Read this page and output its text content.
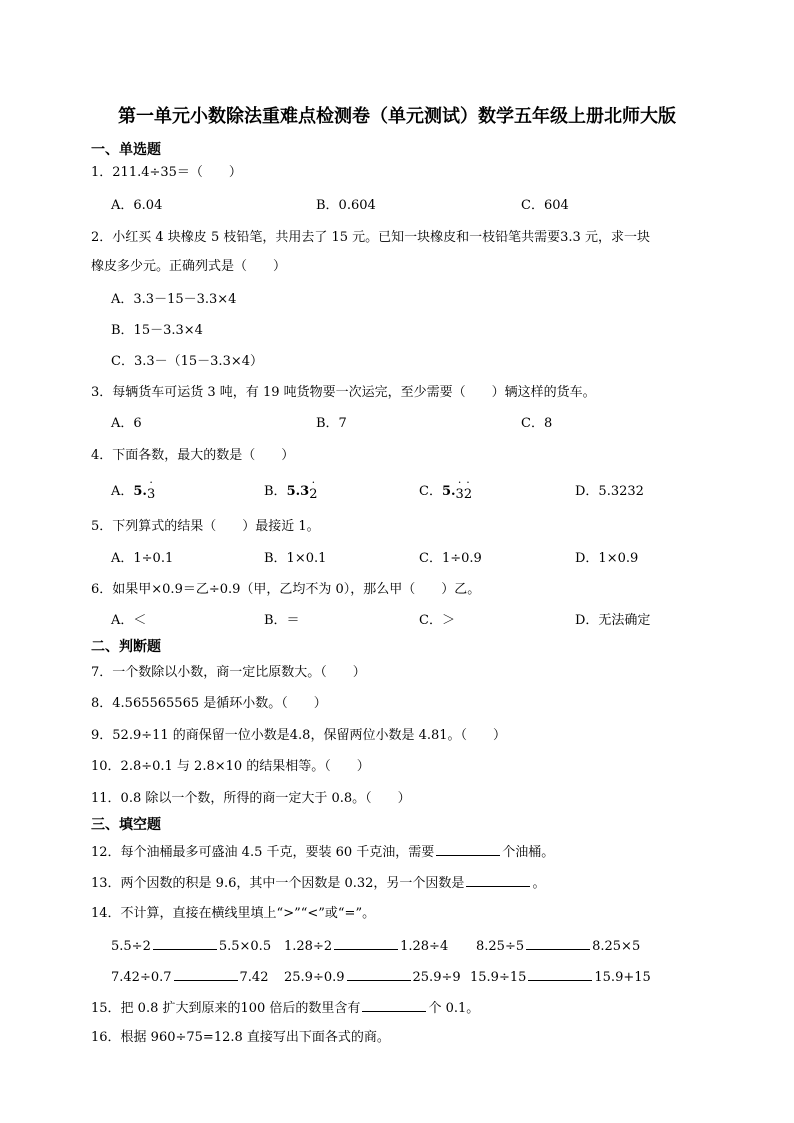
第一单元小数除法重难点检测卷（单元测试）数学五年级上册北师大版
一、单选题
1．211.4÷35＝（　　）
A．6.04	B．0.604	C．604
2．小红买 4 块橡皮 5 枝铅笔，共用去了 15 元。已知一块橡皮和一枝铅笔共需要3.3 元，求一块
橡皮多少元。正确列式是（　　）
A．3.3－15－3.3×4
B．15－3.3×4
C．3.3－（15－3.3×4）
3．每辆货车可运货 3 吨，有 19 吨货物要一次运完，至少需要（　　）辆这样的货车。
A．6	B．7	C．8
4．下面各数，最大的数是（　　）
A．5.
·
3	B．5.3
·
2	C．5.
·
3
·
2	D．5.3232
5．下列算式的结果（　　）最接近 1。
A．1÷0.1	B．1×0.1	C．1÷0.9	D．1×0.9
6．如果甲×0.9＝乙÷0.9（甲，乙均不为 0），那么甲（　　）乙。
A．＜	B．＝	C．＞	D．无法确定
二、判断题
7．一个数除以小数，商一定比原数大。（　　）
8．4.565565565 是循环小数。（　　）
9．52.9÷11 的商保留一位小数是4.8，保留两位小数是 4.81。（　　）
10．2.8÷0.1 与 2.8×10 的结果相等。（　　）
11．0.8 除以一个数，所得的商一定大于 0.8。（　　）
三、填空题
12．每个油桶最多可盛油 4.5 千克，要装 60 千克油，需要	个油桶。
13．两个因数的积是 9.6，其中一个因数是 0.32，另一个因数是	。
14．不计算，直接在横线里填上“>”“<”或“=”。
5.5÷2	5.5×0.5 1.28÷2	1.28÷4 8.25÷5	8.25×5
7.42÷0.7	7.42 25.9÷0.9	25.9÷9 15.9÷15	15.9+15
15．把 0.8 扩大到原来的100 倍后的数里含有	个 0.1。
16．根据 960÷75=12.8 直接写出下面各式的商。
